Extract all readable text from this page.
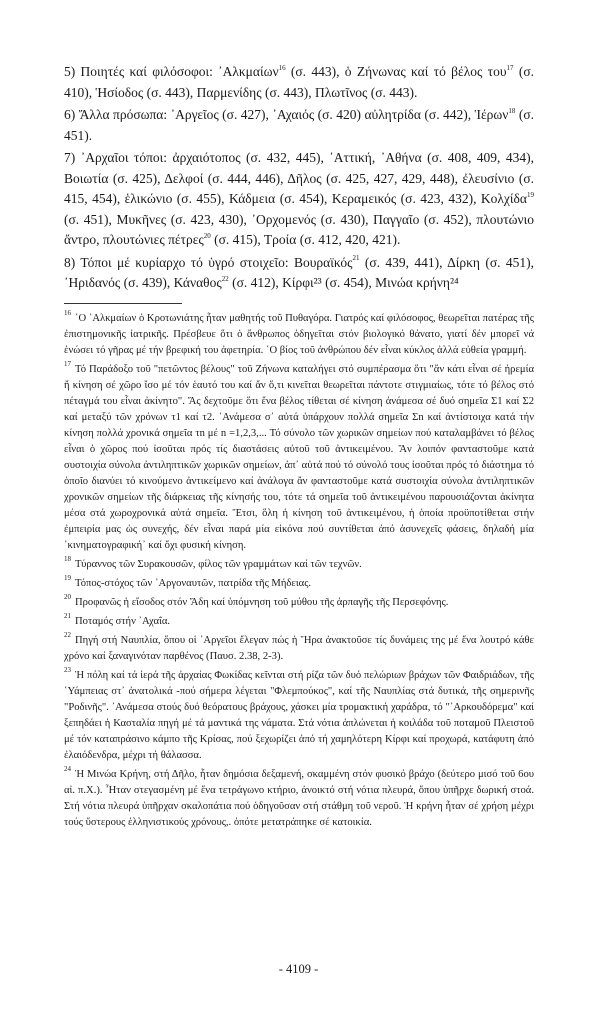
5) Ποιητές καί φιλόσοφοι: ᾿Αλκμαίων$^{16}$ (σ. 443), ὁ Ζήνωνας καί τό βέλος του$^{17}$ (σ. 410), Ἡσίοδος (σ. 443), Παρμενίδης (σ. 443), Πλωτῖνος (σ. 443).

6) Ἄλλα πρόσωπα: ᾿Αργεῖος (σ. 427), ᾿Αχαιός (σ. 420) αὐλητρίδα (σ. 442), Ἱέρων$^{18}$ (σ. 451).

7) ᾿Αρχαῖοι τόποι: ἀρχαιότοπος (σ. 432, 445), ᾿Αττική, ᾿Αθήνα (σ. 408, 409, 434), Βοιωτία (σ. 425), Δελφοί (σ. 444, 446), Δῆλος (σ. 425, 427, 429, 448), ἐλευσίνιο (σ. 415, 454), ἑλικώνιο (σ. 455), Κάδμεια (σ. 454), Κεραμεικός (σ. 423, 432), Κολχίδα$^{19}$ (σ. 451), Μυκῆνες (σ. 423, 430), ᾿Ορχομενός (σ. 430), Παγγαῖο (σ. 452), πλουτώνιο ἄντρο, πλουτώνιες πέτρες$^{20}$ (σ. 415), Τροία (σ. 412, 420, 421).

8) Τόποι μέ κυρίαρχο τό ὑγρό στοιχεῖο: Βουραϊκός$^{21}$ (σ. 439, 441), Δίρκη (σ. 451), ᾿Ηριδανός (σ. 439), Κάναθος$^{22}$ (σ. 412), Κίρφι²³ (σ. 454), Μινώα κρήνη²⁴

$^{16}$ ῾Ο ᾿Αλκμαίων ὁ Κροτωνιάτης ἦταν μαθητής τοῦ Πυθαγόρα. Γιατρός καί φιλόσοφος, θεωρεῖται πατέρας τῆς ἐπιστημονικῆς ἰατρικῆς. Πρέσβευε ὅτι ὁ ἄνθρωπος ὁδηγεῖται στόν βιολογικό θάνατο, γιατί δέν μπορεῖ νά ἑνώσει τό γῆρας μέ τήν βρεφική του ἀφετηρία. ῾Ο βίος τοῦ ἀνθρώπου δέν εἶναι κύκλος ἀλλά εὐθεία γραμμή.

$^{17}$ Τό Παράδοξο τοῦ "πετῶντος βέλους" τοῦ Ζήνωνα καταλήγει στό συμπέρασμα ὅτι "ἄν κάτι εἶναι σέ ἠρεμία ἤ κίνηση σέ χῶρο ἴσο μέ τόν ἑαυτό του καί ἄν ὅ,τι κινεῖται θεωρεῖται πάντοτε στιγμιαίως, τότε τό βέλος στό πέταγμά του εἶναι ἀκίνητο". Ἄς δεχτοῦμε ὅτι ἕνα βέλος τίθεται σέ κίνηση ἀνάμεσα σέ δυό σημεῖα Σ1 καί Σ2 καί μεταξύ τῶν χρόνων τ1 καί τ2. ᾿Ανάμεσα σ᾿ αὐτά ὑπάρχουν πολλά σημεῖα Σn καί ἀντίστοιχα κατά τήν κίνηση πολλά χρονικά σημεῖα τn μέ n =1,2,3,... Τό σύνολο τῶν χωρικῶν σημείων πού καταλαμβάνει τό βέλος εἶναι ὁ χῶρος πού ἰσοῦται πρός τίς διαστάσεις αὐτοῦ τοῦ ἀντικειμένου. Ἄν λοιπόν φανταστοῦμε κατά συστοιχία σύνολα ἀντιληπτικῶν χωρικῶν σημείων, ἀπ᾿ αὐτά πού τό σύνολό τους ἰσοῦται πρός τό διάστημα τό ὁποῖο διανύει τό κινούμενο ἀντικείμενο καί ἀνάλογα ἄν φανταστοῦμε κατά συστοιχία σύνολα ἀντιληπτικῶν χρονικῶν σημείων τῆς διάρκειας τῆς κίνησής του, τότε τά σημεῖα τοῦ ἀντικειμένου παρουσιάζονται ἀκίνητα μέσα στά χωροχρονικά αὐτά σημεῖα. Ἔτσι, ὅλη ἡ κίνηση τοῦ ἀντικειμένου, ἡ ὁποία προϋποτίθεται στήν ἐμπειρία μας ὡς συνεχής, δέν εἶναι παρά μία εἰκόνα πού συντίθεται ἀπό ἀσυνεχεῖς φάσεις, δηλαδή μία ᾿κινηματογραφική᾿ καί ὄχι φυσική κίνηση.

$^{18}$ Τύραννος τῶν Συρακουσῶν, φίλος τῶν γραμμάτων καί τῶν τεχνῶν.

$^{19}$ Τόπος-στόχος τῶν ᾿Αργοναυτῶν, πατρίδα τῆς Μήδειας.

$^{20}$ Προφανῶς ἡ εἴσοδος στόν Ἅδη καί ὑπόμνηση τοῦ μύθου τῆς ἁρπαγῆς τῆς Περσεφόνης.

$^{21}$ Ποταμός στήν ᾿Αχαΐα.

$^{22}$ Πηγή στή Ναυπλία, ὅπου οἱ ᾿Αργεῖοι ἔλεγαν πώς ἡ Ἥρα ἀνακτοῦσε τίς δυνάμεις της μέ ἕνα λουτρό κάθε χρόνο καί ξαναγινόταν παρθένος (Παυσ. 2.38, 2-3).

$^{23}$ Ἡ πόλη καί τά ἱερά τῆς ἀρχαίας Φωκίδας κεῖνται στή ρίζα τῶν δυό πελώριων βράχων τῶν Φαιδριάδων, τῆς ῾Υάμπειας στ᾿ ἀνατολικά -πού σήμερα λέγεται "Φλεμπούκος", καί τῆς Ναυπλίας στά δυτικά, τῆς σημερινῆς "Ροδινῆς". ᾿Ανάμεσα στούς δυό θεόρατους βράχους, χάσκει μία τρομακτική χαράδρα, τό "᾿Αρκουδόρεμα" καί ξεπηδάει ἡ Κασταλία πηγή μέ τά μαντικά της νάματα. Στά νότια ἁπλώνεται ἡ κοιλάδα τοῦ ποταμοῦ Πλειστοῦ μέ τόν καταπράσινο κάμπο τῆς Κρίσας, πού ξεχωρίζει ἀπό τή χαμηλότερη Κίρφι καί προχωρά, κατάφυτη ἀπό ἐλαιόδενδρα, μέχρι τή θάλασσα.

$^{24}$ Ἡ Μινώα Κρήνη, στή Δῆλο, ἦταν δημόσια δεξαμενή, σκαμμένη στόν φυσικό βράχο (δεύτερο μισό τοῦ 6ου αἰ. π.Χ.). Ἦταν στεγασμένη μέ ἕνα τετράγωνο κτήριο, ἀνοικτό στή νότια πλευρά, ὅπου ὑπῆρχε δωρική στοά. Στή νότια πλευρά ὑπῆρχαν σκαλοπάτια πού ὁδηγοῦσαν στή στάθμη τοῦ νεροῦ. Ἡ κρήνη ἦταν σέ χρήση μέχρι τούς ὕστερους ἑλληνιστικούς χρόνους,. ὁπότε μετατράπηκε σέ κατοικία.

- 4109 -
